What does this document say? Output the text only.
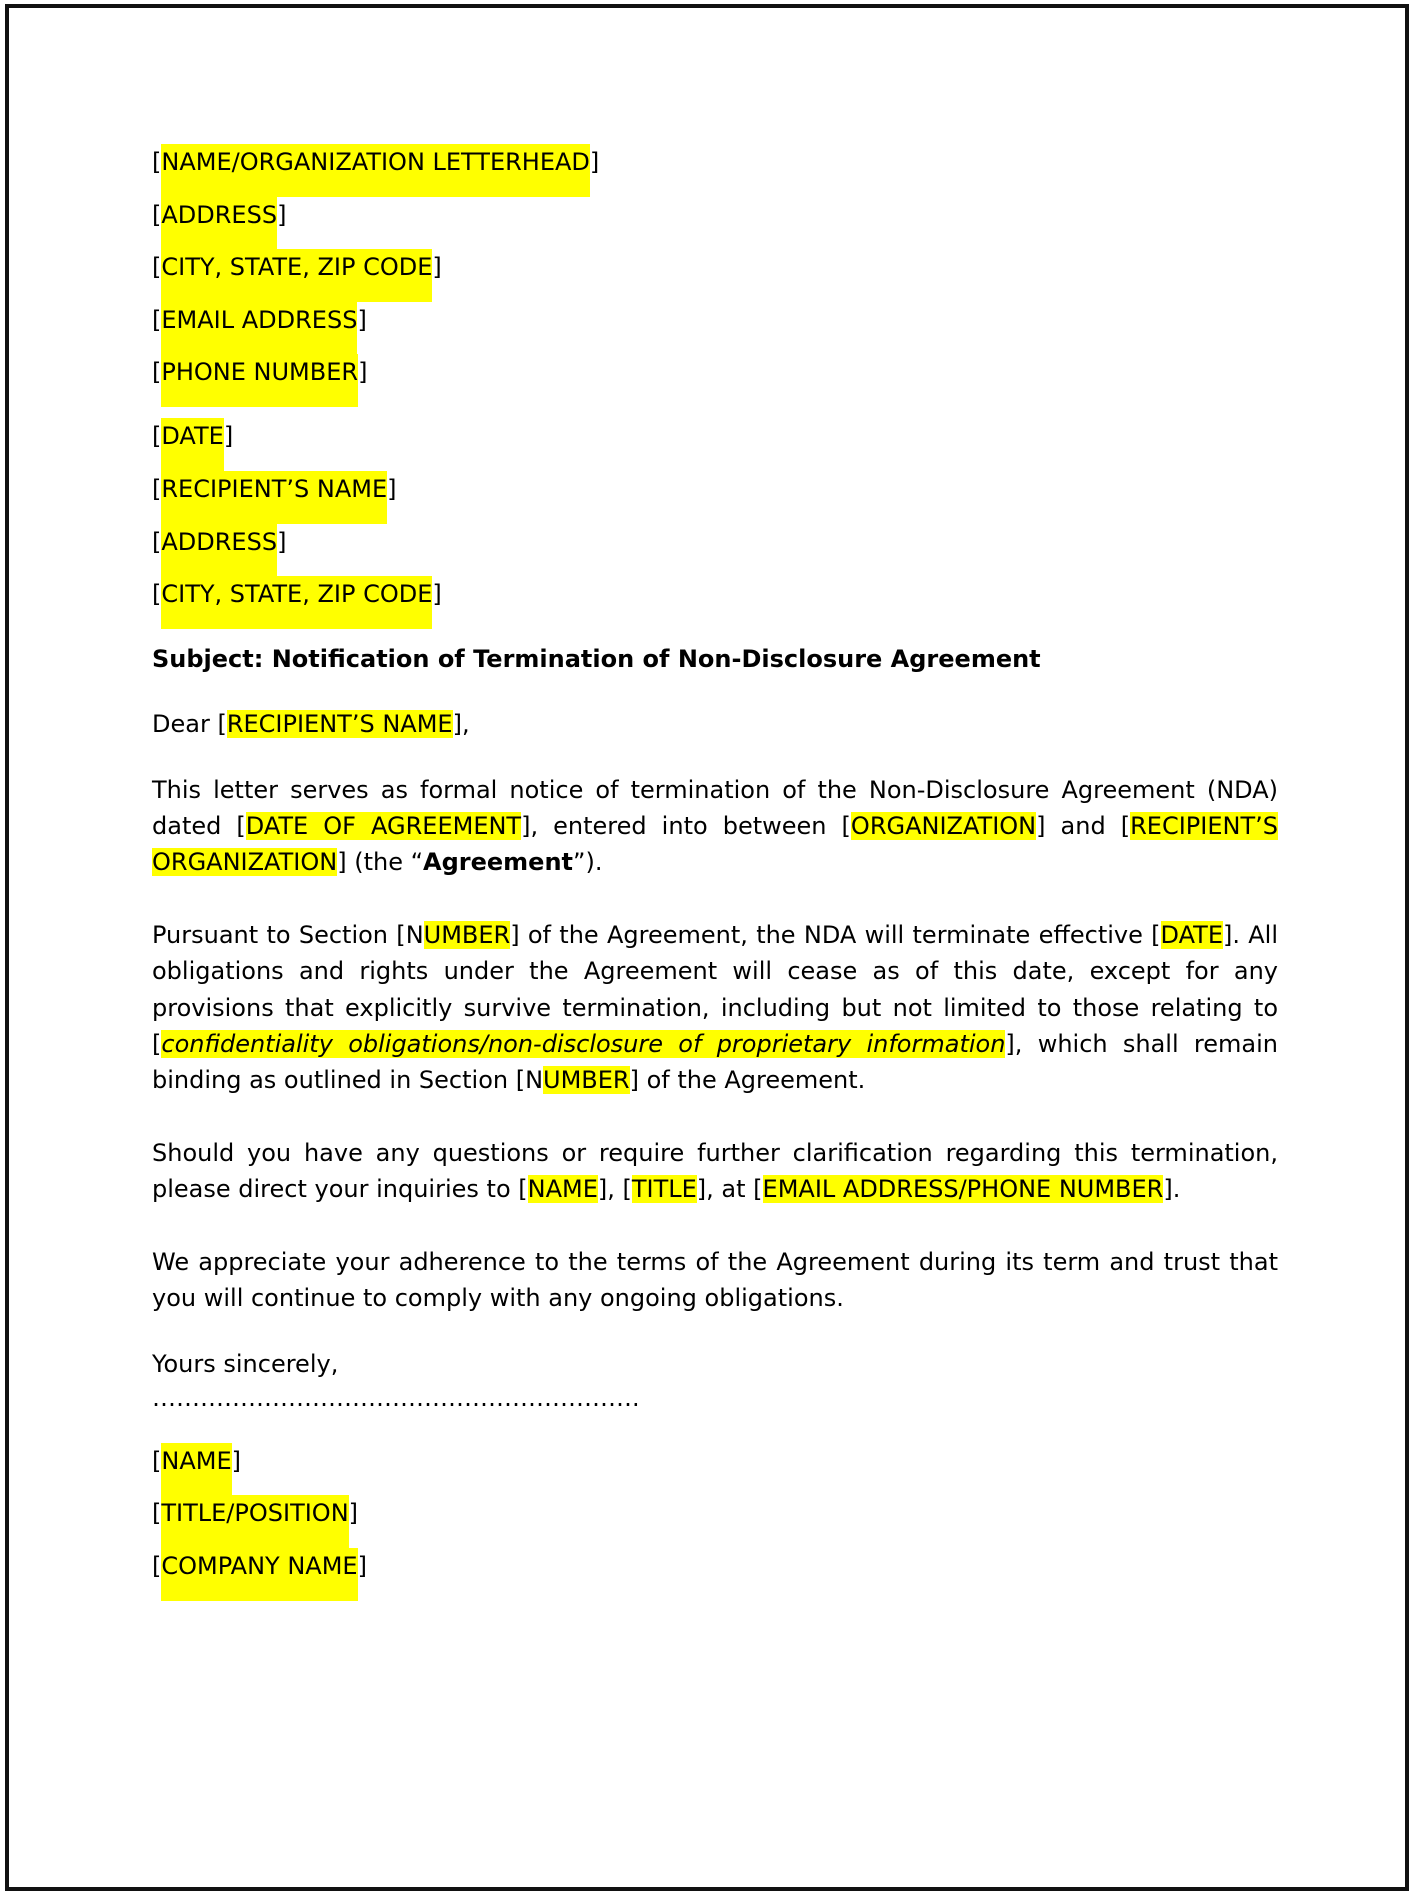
[NAME/ORGANIZATION LETTERHEAD]
[ADDRESS]
[CITY, STATE, ZIP CODE]
[EMAIL ADDRESS]
[PHONE NUMBER]
[DATE]
[RECIPIENT’S NAME]
[ADDRESS]
[CITY, STATE, ZIP CODE]

Subject: Notification of Termination of Non-Disclosure Agreement

Dear [RECIPIENT’S NAME],

This letter serves as formal notice of termination of the Non-Disclosure Agreement (NDA) dated [DATE OF AGREEMENT], entered into between [ORGANIZATION] and [RECIPIENT’S ORGANIZATION] (the “Agreement”).

Pursuant to Section [NUMBER] of the Agreement, the NDA will terminate effective [DATE]. All obligations and rights under the Agreement will cease as of this date, except for any provisions that explicitly survive termination, including but not limited to those relating to [confidentiality obligations/non-disclosure of proprietary information], which shall remain binding as outlined in Section [NUMBER] of the Agreement.

Should you have any questions or require further clarification regarding this termination, please direct your inquiries to [NAME], [TITLE], at [EMAIL ADDRESS/PHONE NUMBER].

We appreciate your adherence to the terms of the Agreement during its term and trust that you will continue to comply with any ongoing obligations.

Yours sincerely,

…………………………………………………….

[NAME]
[TITLE/POSITION]
[COMPANY NAME]
